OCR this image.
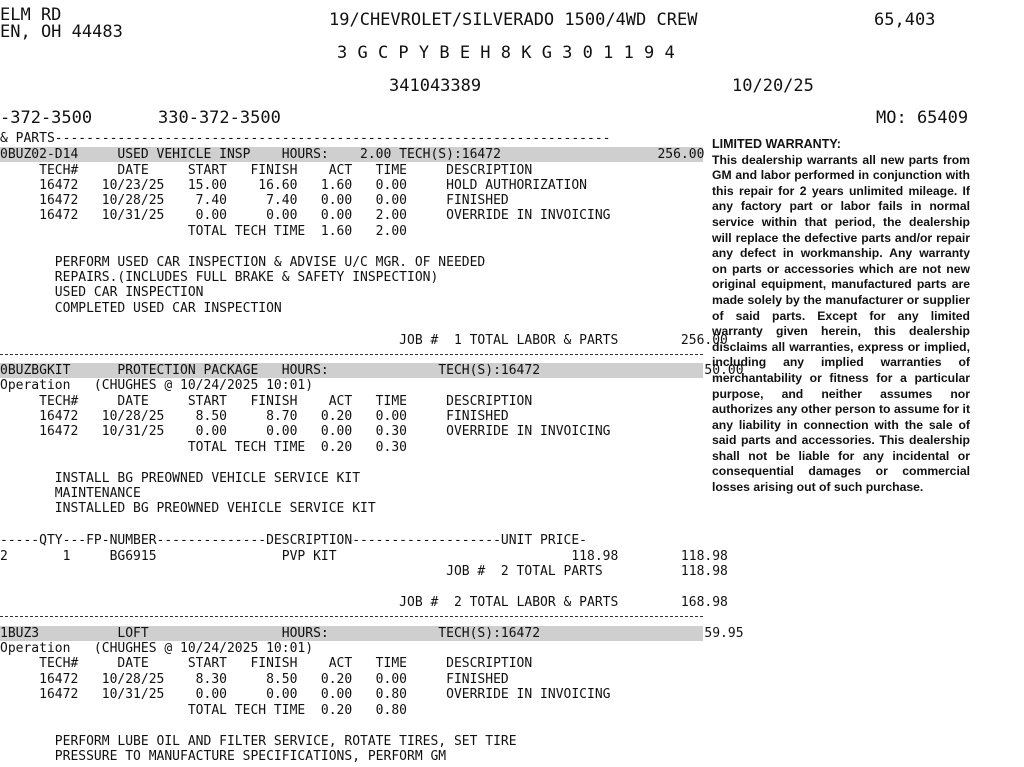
ELM RD
EN, OH 44483
19/CHEVROLET/SILVERADO 1500/4WD CREW	65,403
3 G C P Y B E H 8 K G 3 0 1 1 9 4
341043389	10/20/25
-372-3500	330-372-3500	MO: 65409
& PARTS-----------------------------------------------------------------------
0BUZ02-D14     USED VEHICLE INSP    HOURS:    2.00 TECH(S):16472                    256.00
TECH#     DATE     START   FINISH    ACT   TIME     DESCRIPTION
16472   10/23/25   15.00    16.60   1.60   0.00     HOLD AUTHORIZATION
16472   10/28/25    7.40     7.40   0.00   0.00     FINISHED
16472   10/31/25    0.00     0.00   0.00   2.00     OVERRIDE IN INVOICING
TOTAL TECH TIME  1.60   2.00
PERFORM USED CAR INSPECTION & ADVISE U/C MGR. OF NEEDED
REPAIRS.(INCLUDES FULL BRAKE & SAFETY INSPECTION)
USED CAR INSPECTION
COMPLETED USED CAR INSPECTION
JOB #  1 TOTAL LABOR & PARTS        256.00
0BUZBGKIT      PROTECTION PACKAGE   HOURS:              TECH(S):16472                     50.00
Operation   (CHUGHES @ 10/24/2025 10:01)
TECH#     DATE     START   FINISH    ACT   TIME     DESCRIPTION
16472   10/28/25    8.50     8.70   0.20   0.00     FINISHED
16472   10/31/25    0.00     0.00   0.00   0.30     OVERRIDE IN INVOICING
TOTAL TECH TIME  0.20   0.30
INSTALL BG PREOWNED VEHICLE SERVICE KIT
MAINTENANCE
INSTALLED BG PREOWNED VEHICLE SERVICE KIT
-----QTY---FP-NUMBER--------------DESCRIPTION-------------------UNIT PRICE-
2       1     BG6915                PVP KIT                              118.98        118.98
JOB #  2 TOTAL PARTS          118.98
JOB #  2 TOTAL LABOR & PARTS        168.98
1BUZ3          LOFT                 HOURS:              TECH(S):16472                     59.95
Operation   (CHUGHES @ 10/24/2025 10:01)
TECH#     DATE     START   FINISH    ACT   TIME     DESCRIPTION
16472   10/28/25    8.30     8.50   0.20   0.00     FINISHED
16472   10/31/25    0.00     0.00   0.00   0.80     OVERRIDE IN INVOICING
TOTAL TECH TIME  0.20   0.80
PERFORM LUBE OIL AND FILTER SERVICE, ROTATE TIRES, SET TIRE
PRESSURE TO MANUFACTURE SPECIFICATIONS, PERFORM GM
LIMITED WARRANTY:
This dealership warrants all new parts from GM and labor performed in conjunction with this repair for 2 years unlimited mileage. If any factory part or labor fails in normal service within that period, the dealership will replace the defective parts and/or repair any defect in workmanship. Any warranty on parts or accessories which are not new original equipment, manufactured parts are made solely by the manufacturer or supplier of said parts. Except for any limited warranty given herein, this dealership disclaims all warranties, express or implied, including any implied warranties of merchantability or fitness for a particular purpose, and neither assumes nor authorizes any other person to assume for it any liability in connection with the sale of said parts and accessories. This dealership shall not be liable for any incidental or consequential damages or commercial losses arising out of such purchase.
